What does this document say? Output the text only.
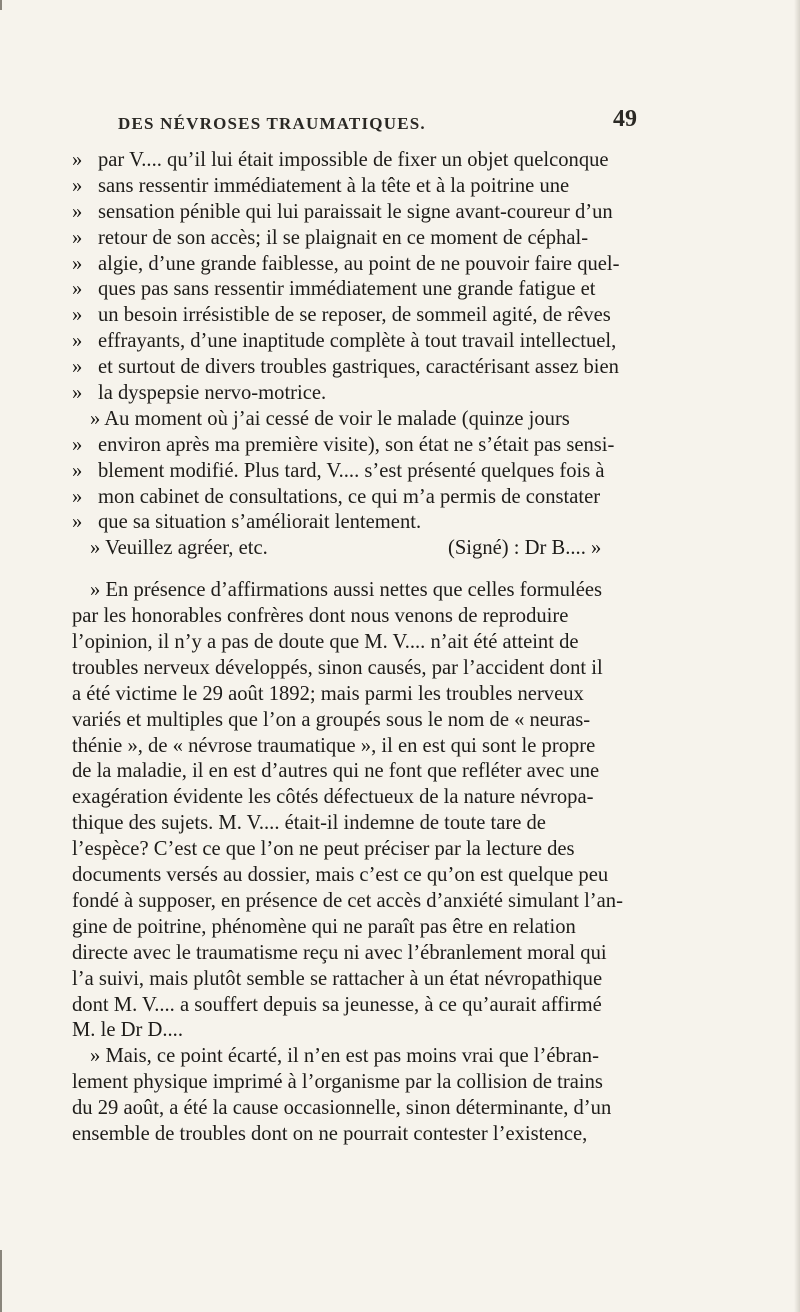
DES NÉVROSES TRAUMATIQUES.	49
» par V.... qu’il lui était impossible de fixer un objet quelconque
» sans ressentir immédiatement à la tête et à la poitrine une
» sensation pénible qui lui paraissait le signe avant-coureur d’un
» retour de son accès; il se plaignait en ce moment de céphal-
» algie, d’une grande faiblesse, au point de ne pouvoir faire quel-
» ques pas sans ressentir immédiatement une grande fatigue et
» un besoin irrésistible de se reposer, de sommeil agité, de rêves
» effrayants, d’une inaptitude complète à tout travail intellectuel,
» et surtout de divers troubles gastriques, caractérisant assez bien
» la dyspepsie nervo-motrice.
» Au moment où j’ai cessé de voir le malade (quinze jours
» environ après ma première visite), son état ne s’était pas sensi-
» blement modifié. Plus tard, V.... s’est présenté quelques fois à
» mon cabinet de consultations, ce qui m’a permis de constater
» que sa situation s’améliorait lentement.
» Veuillez agréer, etc.	(Signé) : Dr B.... »
» En présence d’affirmations aussi nettes que celles formulées
par les honorables confrères dont nous venons de reproduire
l’opinion, il n’y a pas de doute que M. V.... n’ait été atteint de
troubles nerveux développés, sinon causés, par l’accident dont il
a été victime le 29 août 1892; mais parmi les troubles nerveux
variés et multiples que l’on a groupés sous le nom de « neuras-
thénie », de « névrose traumatique », il en est qui sont le propre
de la maladie, il en est d’autres qui ne font que refléter avec une
exagération évidente les côtés défectueux de la nature névropa-
thique des sujets. M. V.... était-il indemne de toute tare de
l’espèce? C’est ce que l’on ne peut préciser par la lecture des
documents versés au dossier, mais c’est ce qu’on est quelque peu
fondé à supposer, en présence de cet accès d’anxiété simulant l’an-
gine de poitrine, phénomène qui ne paraît pas être en relation
directe avec le traumatisme reçu ni avec l’ébranlement moral qui
l’a suivi, mais plutôt semble se rattacher à un état névropathique
dont M. V.... a souffert depuis sa jeunesse, à ce qu’aurait affirmé
M. le Dr D....
» Mais, ce point écarté, il n’en est pas moins vrai que l’ébran-
lement physique imprimé à l’organisme par la collision de trains
du 29 août, a été la cause occasionnelle, sinon déterminante, d’un
ensemble de troubles dont on ne pourrait contester l’existence,
